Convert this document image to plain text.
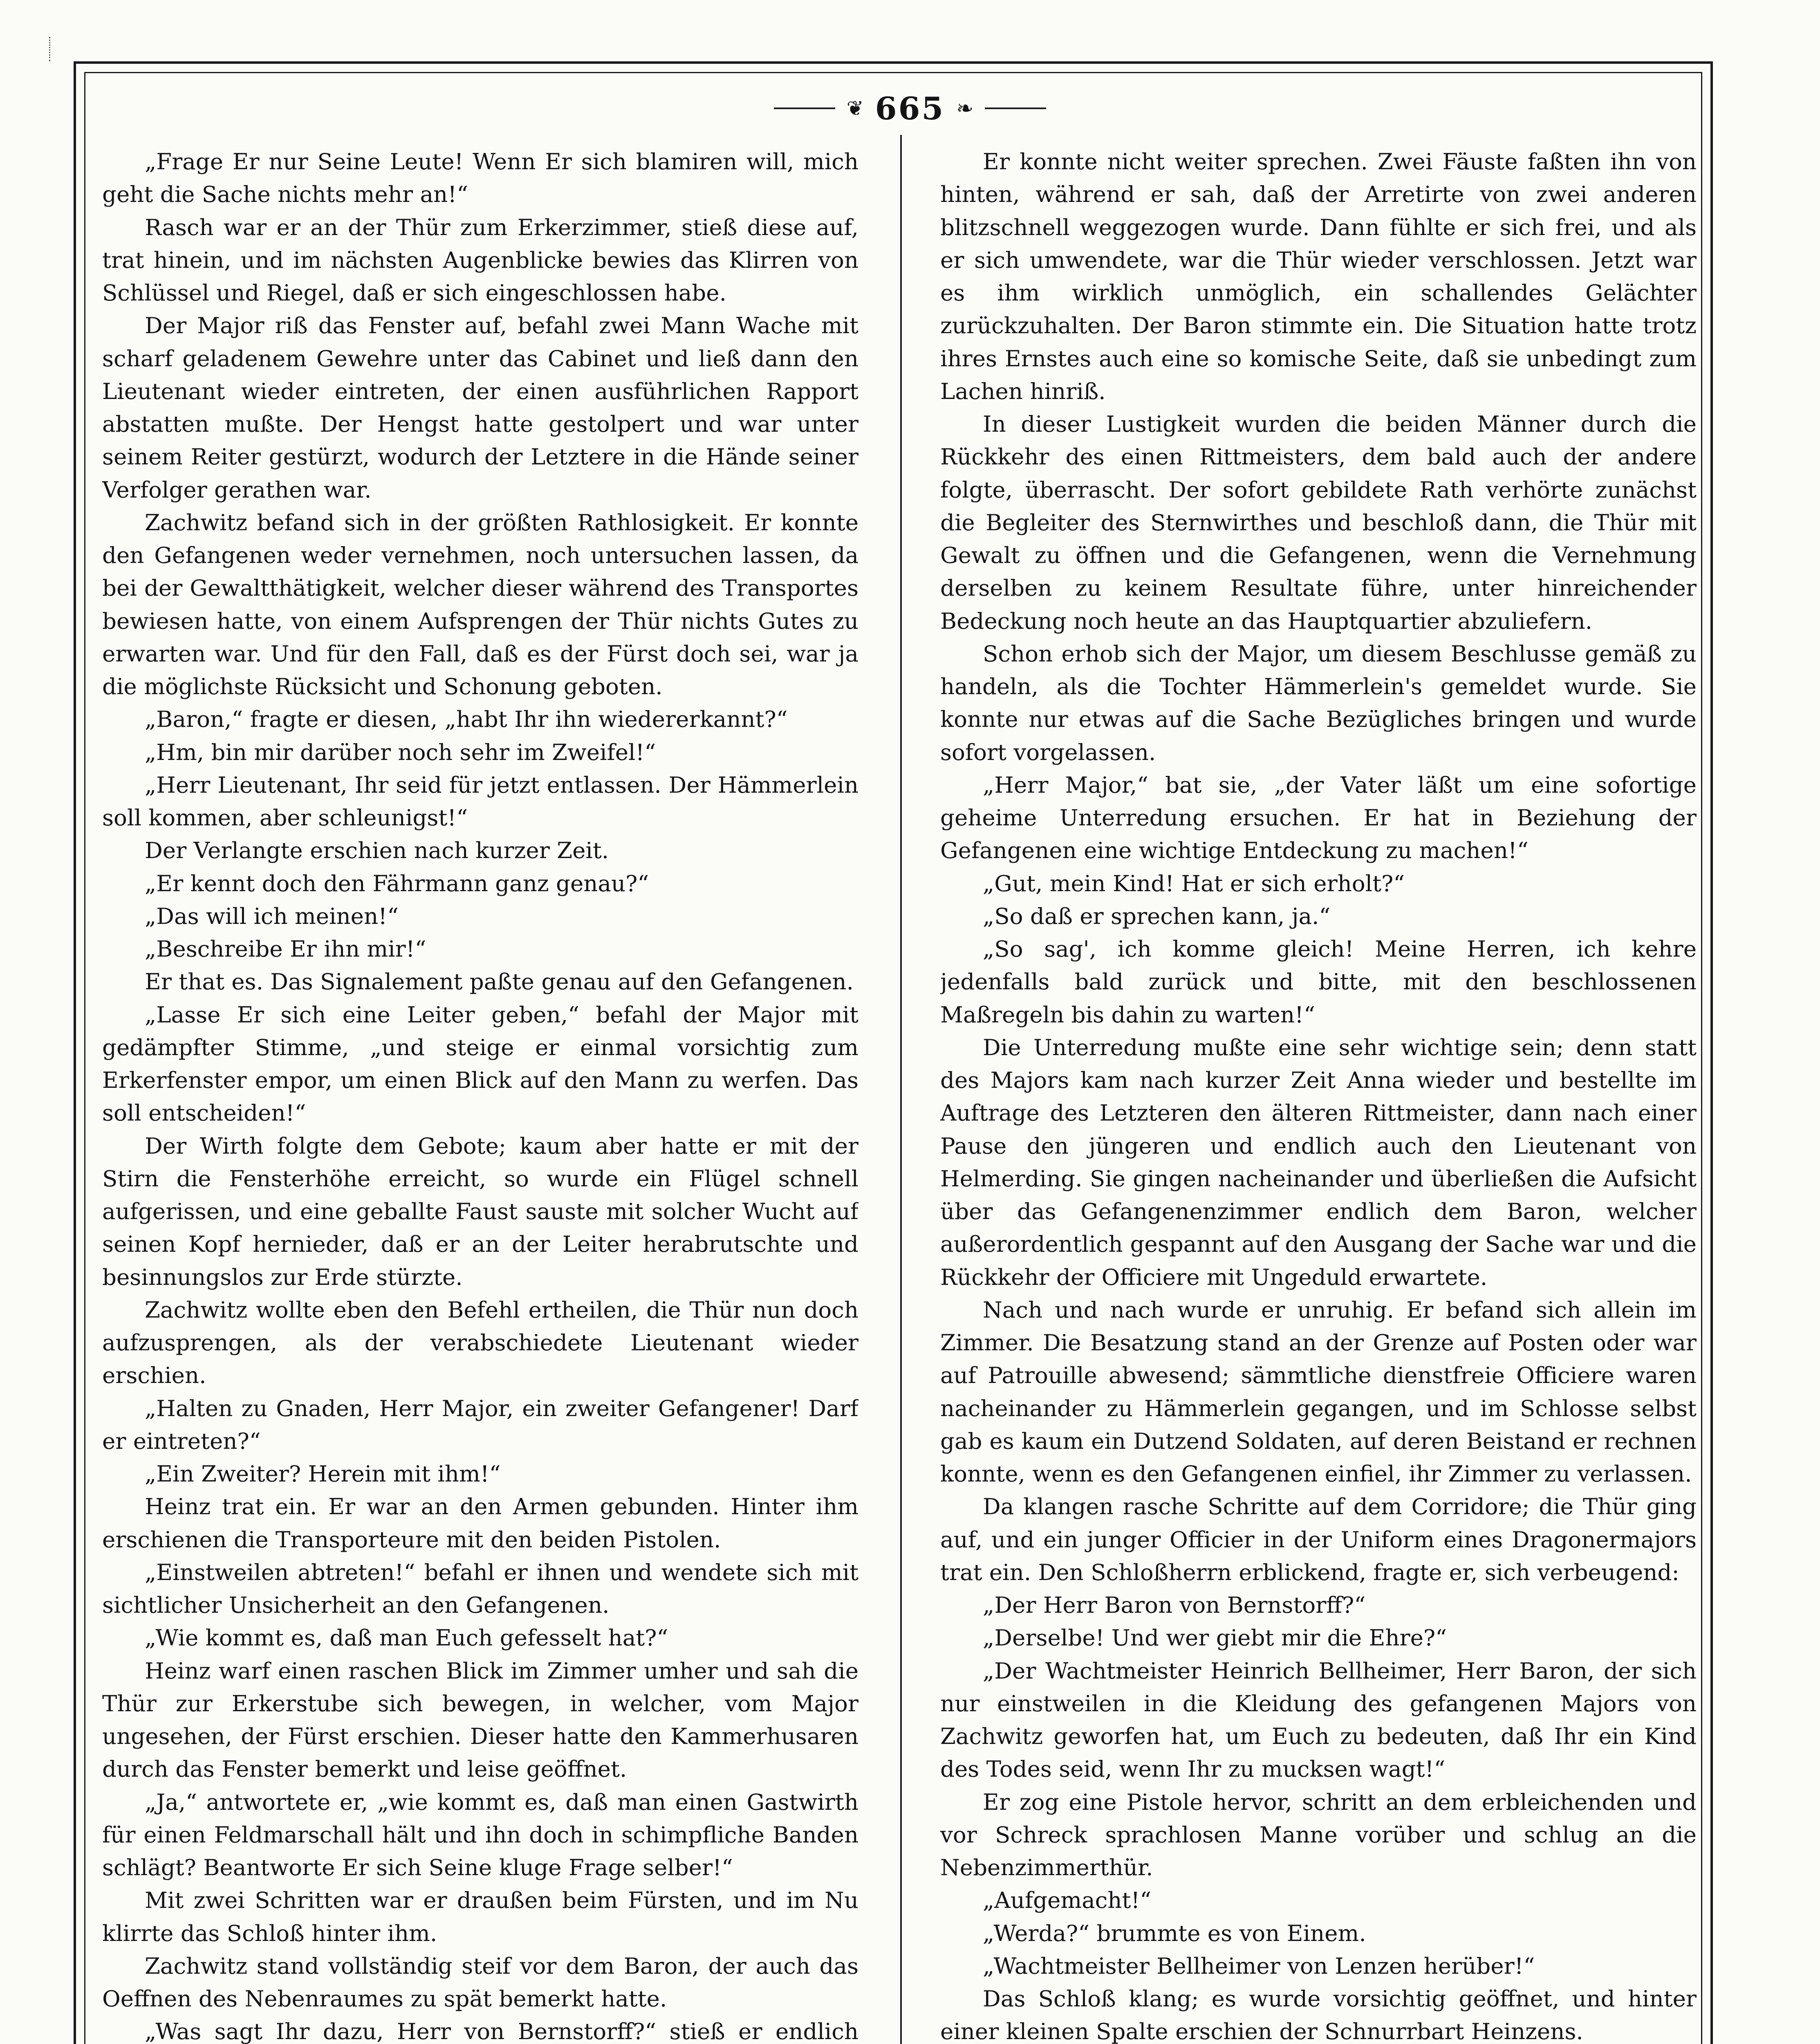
❦ 665 ❧

„Frage Er nur Seine Leute! Wenn Er sich blamiren will, mich geht die Sache nichts mehr an!“

Rasch war er an der Thür zum Erkerzimmer, stieß diese auf, trat hinein, und im nächsten Augenblicke bewies das Klirren von Schlüssel und Riegel, daß er sich eingeschlossen habe.

Der Major riß das Fenster auf, befahl zwei Mann Wache mit scharf geladenem Gewehre unter das Cabinet und ließ dann den Lieutenant wieder eintreten, der einen ausführlichen Rapport abstatten mußte. Der Hengst hatte gestolpert und war unter seinem Reiter gestürzt, wodurch der Letztere in die Hände seiner Verfolger gerathen war.

Zachwitz befand sich in der größten Rathlosigkeit. Er konnte den Gefangenen weder vernehmen, noch untersuchen lassen, da bei der Gewaltthätigkeit, welcher dieser während des Transportes bewiesen hatte, von einem Aufsprengen der Thür nichts Gutes zu erwarten war. Und für den Fall, daß es der Fürst doch sei, war ja die möglichste Rücksicht und Schonung geboten.

„Baron,“ fragte er diesen, „habt Ihr ihn wiedererkannt?“

„Hm, bin mir darüber noch sehr im Zweifel!“

„Herr Lieutenant, Ihr seid für jetzt entlassen. Der Hämmerlein soll kommen, aber schleunigst!“

Der Verlangte erschien nach kurzer Zeit.

„Er kennt doch den Fährmann ganz genau?“

„Das will ich meinen!“

„Beschreibe Er ihn mir!“

Er that es. Das Signalement paßte genau auf den Gefangenen.

„Lasse Er sich eine Leiter geben,“ befahl der Major mit gedämpfter Stimme, „und steige er einmal vorsichtig zum Erkerfenster empor, um einen Blick auf den Mann zu werfen. Das soll entscheiden!“

Der Wirth folgte dem Gebote; kaum aber hatte er mit der Stirn die Fensterhöhe erreicht, so wurde ein Flügel schnell aufgerissen, und eine geballte Faust sauste mit solcher Wucht auf seinen Kopf hernieder, daß er an der Leiter herabrutschte und besinnungslos zur Erde stürzte.

Zachwitz wollte eben den Befehl ertheilen, die Thür nun doch aufzusprengen, als der verabschiedete Lieutenant wieder erschien.

„Halten zu Gnaden, Herr Major, ein zweiter Gefangener! Darf er eintreten?“

„Ein Zweiter? Herein mit ihm!“

Heinz trat ein. Er war an den Armen gebunden. Hinter ihm erschienen die Transporteure mit den beiden Pistolen.

„Einstweilen abtreten!“ befahl er ihnen und wendete sich mit sichtlicher Unsicherheit an den Gefangenen.

„Wie kommt es, daß man Euch gefesselt hat?“

Heinz warf einen raschen Blick im Zimmer umher und sah die Thür zur Erkerstube sich bewegen, in welcher, vom Major ungesehen, der Fürst erschien. Dieser hatte den Kammerhusaren durch das Fenster bemerkt und leise geöffnet.

„Ja,“ antwortete er, „wie kommt es, daß man einen Gastwirth für einen Feldmarschall hält und ihn doch in schimpfliche Banden schlägt? Beantworte Er sich Seine kluge Frage selber!“

Mit zwei Schritten war er draußen beim Fürsten, und im Nu klirrte das Schloß hinter ihm.

Zachwitz stand vollständig steif vor dem Baron, der auch das Oeffnen des Nebenraumes zu spät bemerkt hatte.

„Was sagt Ihr dazu, Herr von Bernstorff?“ stieß er endlich

Er konnte nicht weiter sprechen. Zwei Fäuste faßten ihn von hinten, während er sah, daß der Arretirte von zwei anderen blitzschnell weggezogen wurde. Dann fühlte er sich frei, und als er sich umwendete, war die Thür wieder verschlossen. Jetzt war es ihm wirklich unmöglich, ein schallendes Gelächter zurückzuhalten. Der Baron stimmte ein. Die Situation hatte trotz ihres Ernstes auch eine so komische Seite, daß sie unbedingt zum Lachen hinriß.

In dieser Lustigkeit wurden die beiden Männer durch die Rückkehr des einen Rittmeisters, dem bald auch der andere folgte, überrascht. Der sofort gebildete Rath verhörte zunächst die Begleiter des Sternwirthes und beschloß dann, die Thür mit Gewalt zu öffnen und die Gefangenen, wenn die Vernehmung derselben zu keinem Resultate führe, unter hinreichender Bedeckung noch heute an das Hauptquartier abzuliefern.

Schon erhob sich der Major, um diesem Beschlusse gemäß zu handeln, als die Tochter Hämmerlein's gemeldet wurde. Sie konnte nur etwas auf die Sache Bezügliches bringen und wurde sofort vorgelassen.

„Herr Major,“ bat sie, „der Vater läßt um eine sofortige geheime Unterredung ersuchen. Er hat in Beziehung der Gefangenen eine wichtige Entdeckung zu machen!“

„Gut, mein Kind! Hat er sich erholt?“

„So daß er sprechen kann, ja.“

„So sag', ich komme gleich! Meine Herren, ich kehre jedenfalls bald zurück und bitte, mit den beschlossenen Maßregeln bis dahin zu warten!“

Die Unterredung mußte eine sehr wichtige sein; denn statt des Majors kam nach kurzer Zeit Anna wieder und bestellte im Auftrage des Letzteren den älteren Rittmeister, dann nach einer Pause den jüngeren und endlich auch den Lieutenant von Helmerding. Sie gingen nacheinander und überließen die Aufsicht über das Gefangenenzimmer endlich dem Baron, welcher außerordentlich gespannt auf den Ausgang der Sache war und die Rückkehr der Officiere mit Ungeduld erwartete.

Nach und nach wurde er unruhig. Er befand sich allein im Zimmer. Die Besatzung stand an der Grenze auf Posten oder war auf Patrouille abwesend; sämmtliche dienstfreie Officiere waren nacheinander zu Hämmerlein gegangen, und im Schlosse selbst gab es kaum ein Dutzend Soldaten, auf deren Beistand er rechnen konnte, wenn es den Gefangenen einfiel, ihr Zimmer zu verlassen.

Da klangen rasche Schritte auf dem Corridore; die Thür ging auf, und ein junger Officier in der Uniform eines Dragonermajors trat ein. Den Schloßherrn erblickend, fragte er, sich verbeugend:

„Der Herr Baron von Bernstorff?“

„Derselbe! Und wer giebt mir die Ehre?“

„Der Wachtmeister Heinrich Bellheimer, Herr Baron, der sich nur einstweilen in die Kleidung des gefangenen Majors von Zachwitz geworfen hat, um Euch zu bedeuten, daß Ihr ein Kind des Todes seid, wenn Ihr zu mucksen wagt!“

Er zog eine Pistole hervor, schritt an dem erbleichenden und vor Schreck sprachlosen Manne vorüber und schlug an die Nebenzimmerthür.

„Aufgemacht!“

„Werda?“ brummte es von Einem.

„Wachtmeister Bellheimer von Lenzen herüber!“

Das Schloß klang; es wurde vorsichtig geöffnet, und hinter einer kleinen Spalte erschien der Schnurrbart Heinzens.
